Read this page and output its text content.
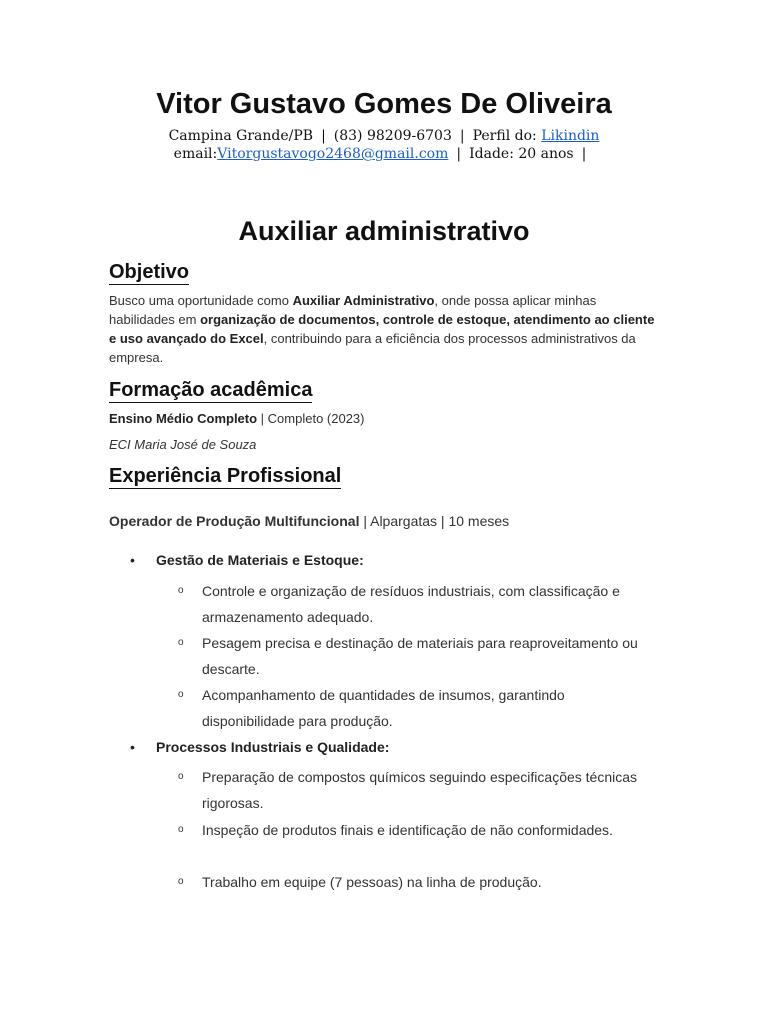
Vitor Gustavo Gomes De Oliveira
Campina Grande/PB | (83) 98209-6703 | Perfil do: Likindin
email:Vitorgustavogo2468@gmail.com | Idade: 20 anos |
Auxiliar administrativo
Objetivo
Busco uma oportunidade como Auxiliar Administrativo, onde possa aplicar minhas habilidades em organização de documentos, controle de estoque, atendimento ao cliente e uso avançado do Excel, contribuindo para a eficiência dos processos administrativos da empresa.
Formação acadêmica
Ensino Médio Completo | Completo (2023)
ECI Maria José de Souza
Experiência Profissional
Operador de Produção Multifuncional | Alpargatas | 10 meses
• Gestão de Materiais e Estoque:
o	Controle e organização de resíduos industriais, com classificação e armazenamento adequado.
o	Pesagem precisa e destinação de materiais para reaproveitamento ou descarte.
o	Acompanhamento de quantidades de insumos, garantindo disponibilidade para produção.
• Processos Industriais e Qualidade:
o	Preparação de compostos químicos seguindo especificações técnicas rigorosas.
o	Inspeção de produtos finais e identificação de não conformidades.
o	Trabalho em equipe (7 pessoas) na linha de produção.
